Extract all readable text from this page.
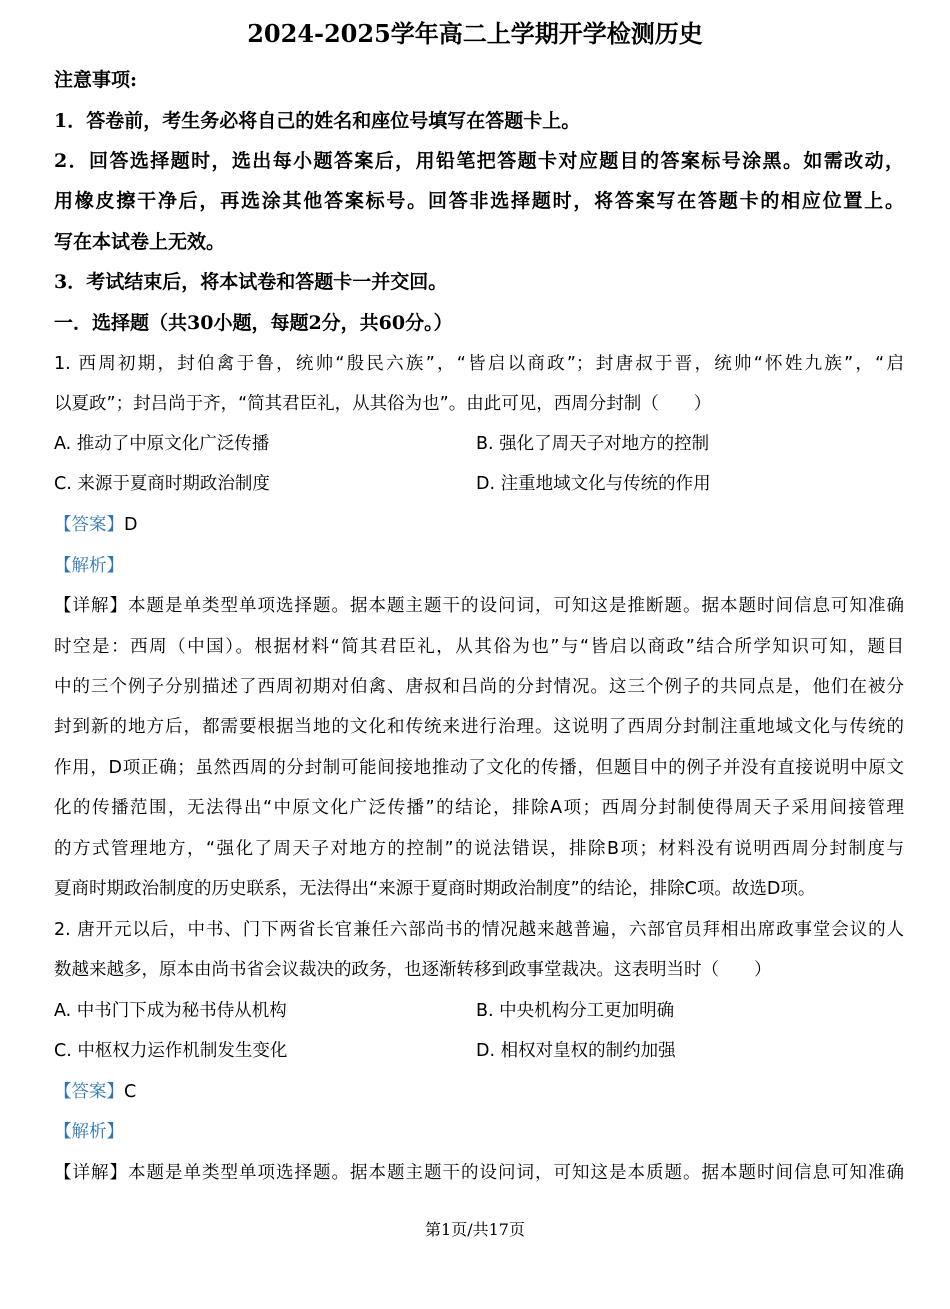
2024-2025学年高二上学期开学检测历史
注意事项:
1．答卷前，考生务必将自己的姓名和座位号填写在答题卡上。
2．回答选择题时，选出每小题答案后，用铅笔把答题卡对应题目的答案标号涂黑。如需改动，
用橡皮擦干净后，再选涂其他答案标号。回答非选择题时，将答案写在答题卡的相应位置上。
写在本试卷上无效。
3．考试结束后，将本试卷和答题卡一并交回。
一．选择题（共30小题，每题2分，共60分。）
1. 西周初期，封伯禽于鲁，统帅“殷民六族”，“皆启以商政”；封唐叔于晋，统帅“怀姓九族”，“启
以夏政”；封吕尚于齐，“简其君臣礼，从其俗为也”。由此可见，西周分封制（　　）
A. 推动了中原文化广泛传播	B. 强化了周天子对地方的控制
C. 来源于夏商时期政治制度	D. 注重地域文化与传统的作用
【答案】D
【解析】
【详解】本题是单类型单项选择题。据本题主题干的设问词，可知这是推断题。据本题时间信息可知准确
时空是：西周（中国）。根据材料“简其君臣礼，从其俗为也”与“皆启以商政”结合所学知识可知，题目
中的三个例子分别描述了西周初期对伯禽、唐叔和吕尚的分封情况。这三个例子的共同点是，他们在被分
封到新的地方后，都需要根据当地的文化和传统来进行治理。这说明了西周分封制注重地域文化与传统的
作用，D项正确；虽然西周的分封制可能间接地推动了文化的传播，但题目中的例子并没有直接说明中原文
化的传播范围，无法得出“中原文化广泛传播”的结论，排除A项；西周分封制使得周天子采用间接管理
的方式管理地方，“强化了周天子对地方的控制”的说法错误，排除B项；材料没有说明西周分封制度与
夏商时期政治制度的历史联系，无法得出“来源于夏商时期政治制度”的结论，排除C项。故选D项。
2. 唐开元以后，中书、门下两省长官兼任六部尚书的情况越来越普遍，六部官员拜相出席政事堂会议的人
数越来越多，原本由尚书省会议裁决的政务，也逐渐转移到政事堂裁决。这表明当时（　　）
A. 中书门下成为秘书侍从机构	B. 中央机构分工更加明确
C. 中枢权力运作机制发生变化	D. 相权对皇权的制约加强
【答案】C
【解析】
【详解】本题是单类型单项选择题。据本题主题干的设问词，可知这是本质题。据本题时间信息可知准确
第1页/共17页
